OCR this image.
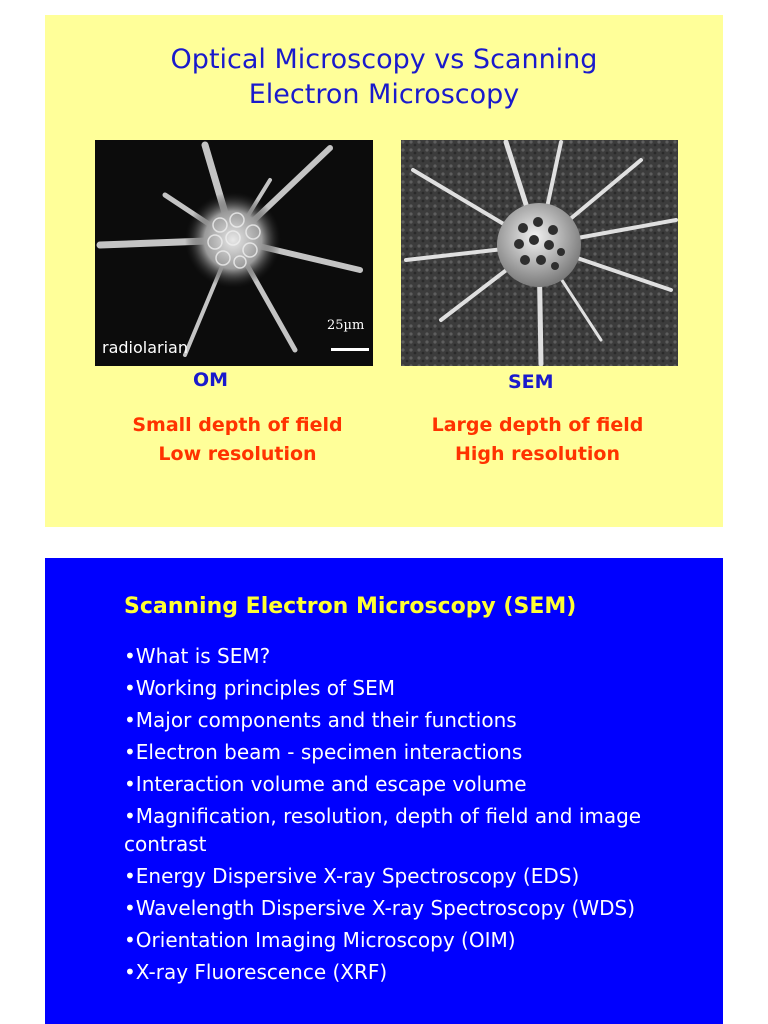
Optical Microscopy vs Scanning
Electron Microscopy
radiolarian
25µm
OM	SEM
Small depth of field
Low resolution
Large depth of field
High resolution
Scanning Electron Microscopy (SEM)
•What is SEM?
•Working principles of SEM
•Major components and their functions
•Electron beam - specimen interactions
•Interaction volume and escape volume
•Magnification, resolution, depth of field and image contrast
•Energy Dispersive X-ray Spectroscopy (EDS)
•Wavelength Dispersive X-ray Spectroscopy (WDS)
•Orientation Imaging Microscopy (OIM)
•X-ray Fluorescence (XRF)
